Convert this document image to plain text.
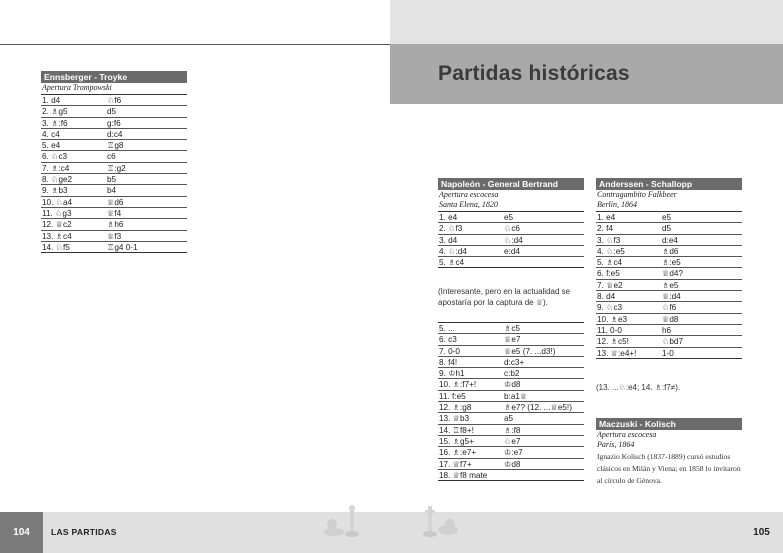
Ennsberger - Troyke
Apertura Trompowski
1. d4	♘f6
2. ♗g5	d5
3. ♗:f6	g:f6
4. c4	d:c4
5. e4	♖g8
6. ♘c3	c6
7. ♗:c4	♖:g2
8. ♘ge2	b5
9. ♗b3	b4
10. ♘a4	♕d6
11. ♘g3	♕f4
12. ♕c2	♗h6
13. ♗c4	♕f3
14. ♘f5	♖g4 0-1
104	LAS PARTIDAS
Partidas históricas
Napoleón - General Bertrand
Apertura escocesa
Santa Elena, 1820
1. e4	e5
2. ♘f3	♘c6
3. d4	♘:d4
4. ♘:d4	e:d4
5. ♗c4
(Interesante, pero en la actualidad se apostaría por la captura de ♕).
5. ...	♗c5
6. c3	♕e7
7. 0-0	♕e5 (7. ...d3!)
8. f4!	d:c3+
9. ♔h1	c:b2
10. ♗:f7+!	♔d8
11. f:e5	b:a1♕
12. ♗:g8	♗e7? (12. ...♕e5!)
13. ♕b3	a5
14. ♖f8+!	♗:f8
15. ♗g5+	♘e7
16. ♗:e7+	♔:e7
17. ♕f7+	♔d8
18. ♕f8 mate
Anderssen - Schallopp
Contragambito Falkbeer
Berlín, 1864
1. e4	e5
2. f4	d5
3. ♘f3	d:e4
4. ♘:e5	♗d6
5. ♗c4	♗:e5
6. f:e5	♕d4?
7. ♕e2	♗e5
8. d4	♕:d4
9. ♘c3	♘f6
10. ♗e3	♕d8
11. 0-0	h6
12. ♗c5!	♘bd7
13. ♕:e4+!	1-0
(13. ...♘:e4; 14. ♗:f7≠).
Maczuski - Kolisch
Apertura escocesa
París, 1864
Ignazio Kolisch (1837-1889) cursó estudios clásicos en Milán y Viena; en 1858 lo invitaron al círculo de Génova.
105
